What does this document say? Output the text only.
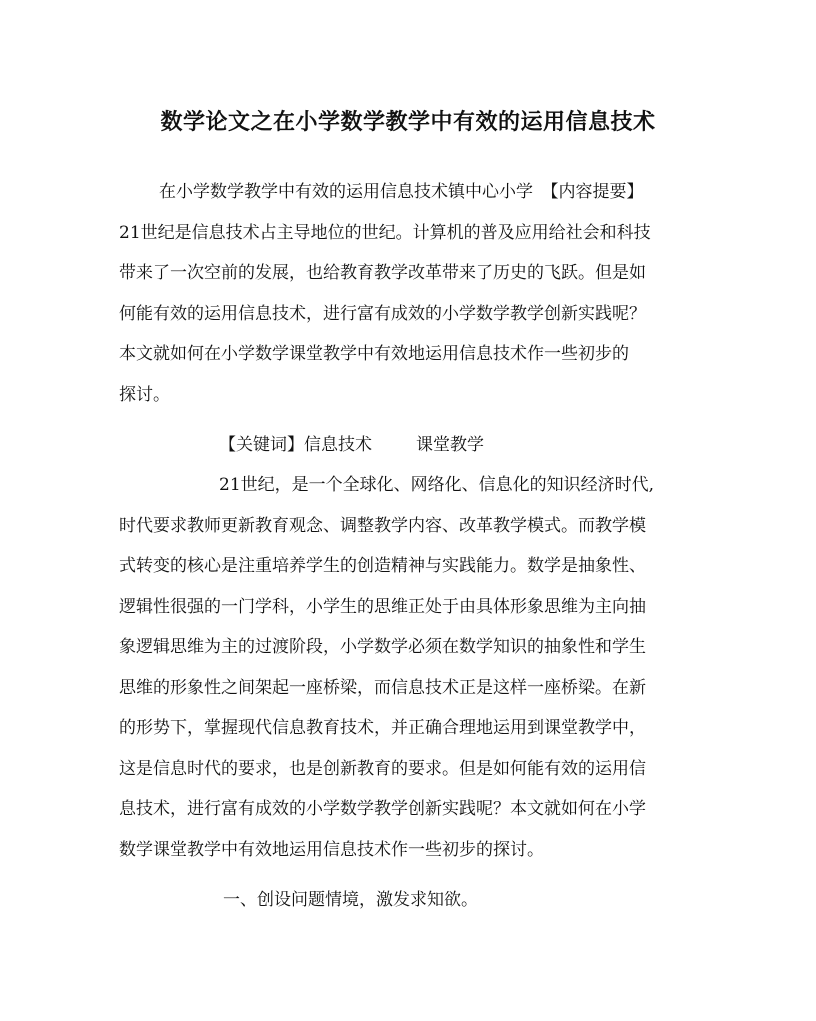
数学论文之在小学数学教学中有效的运用信息技术
在小学数学教学中有效的运用信息技术镇中心小学　【内容提要】
21世纪是信息技术占主导地位的世纪。计算机的普及应用给社会和科技
带来了一次空前的发展，也给教育教学改革带来了历史的飞跃。但是如
何能有效的运用信息技术，进行富有成效的小学数学教学创新实践呢？
本文就如何在小学数学课堂教学中有效地运用信息技术作一些初步的
探讨。
【关键词】信息技术	课堂教学
21世纪，是一个全球化、网络化、信息化的知识经济时代,
时代要求教师更新教育观念、调整教学内容、改革教学模式。而教学模
式转变的核心是注重培养学生的创造精神与实践能力。数学是抽象性、
逻辑性很强的一门学科，小学生的思维正处于由具体形象思维为主向抽
象逻辑思维为主的过渡阶段，小学数学必须在数学知识的抽象性和学生
思维的形象性之间架起一座桥梁，而信息技术正是这样一座桥梁。在新
的形势下，掌握现代信息教育技术，并正确合理地运用到课堂教学中，
这是信息时代的要求，也是创新教育的要求。但是如何能有效的运用信
息技术，进行富有成效的小学数学教学创新实践呢？本文就如何在小学
数学课堂教学中有效地运用信息技术作一些初步的探讨。
一、创设问题情境，激发求知欲。
